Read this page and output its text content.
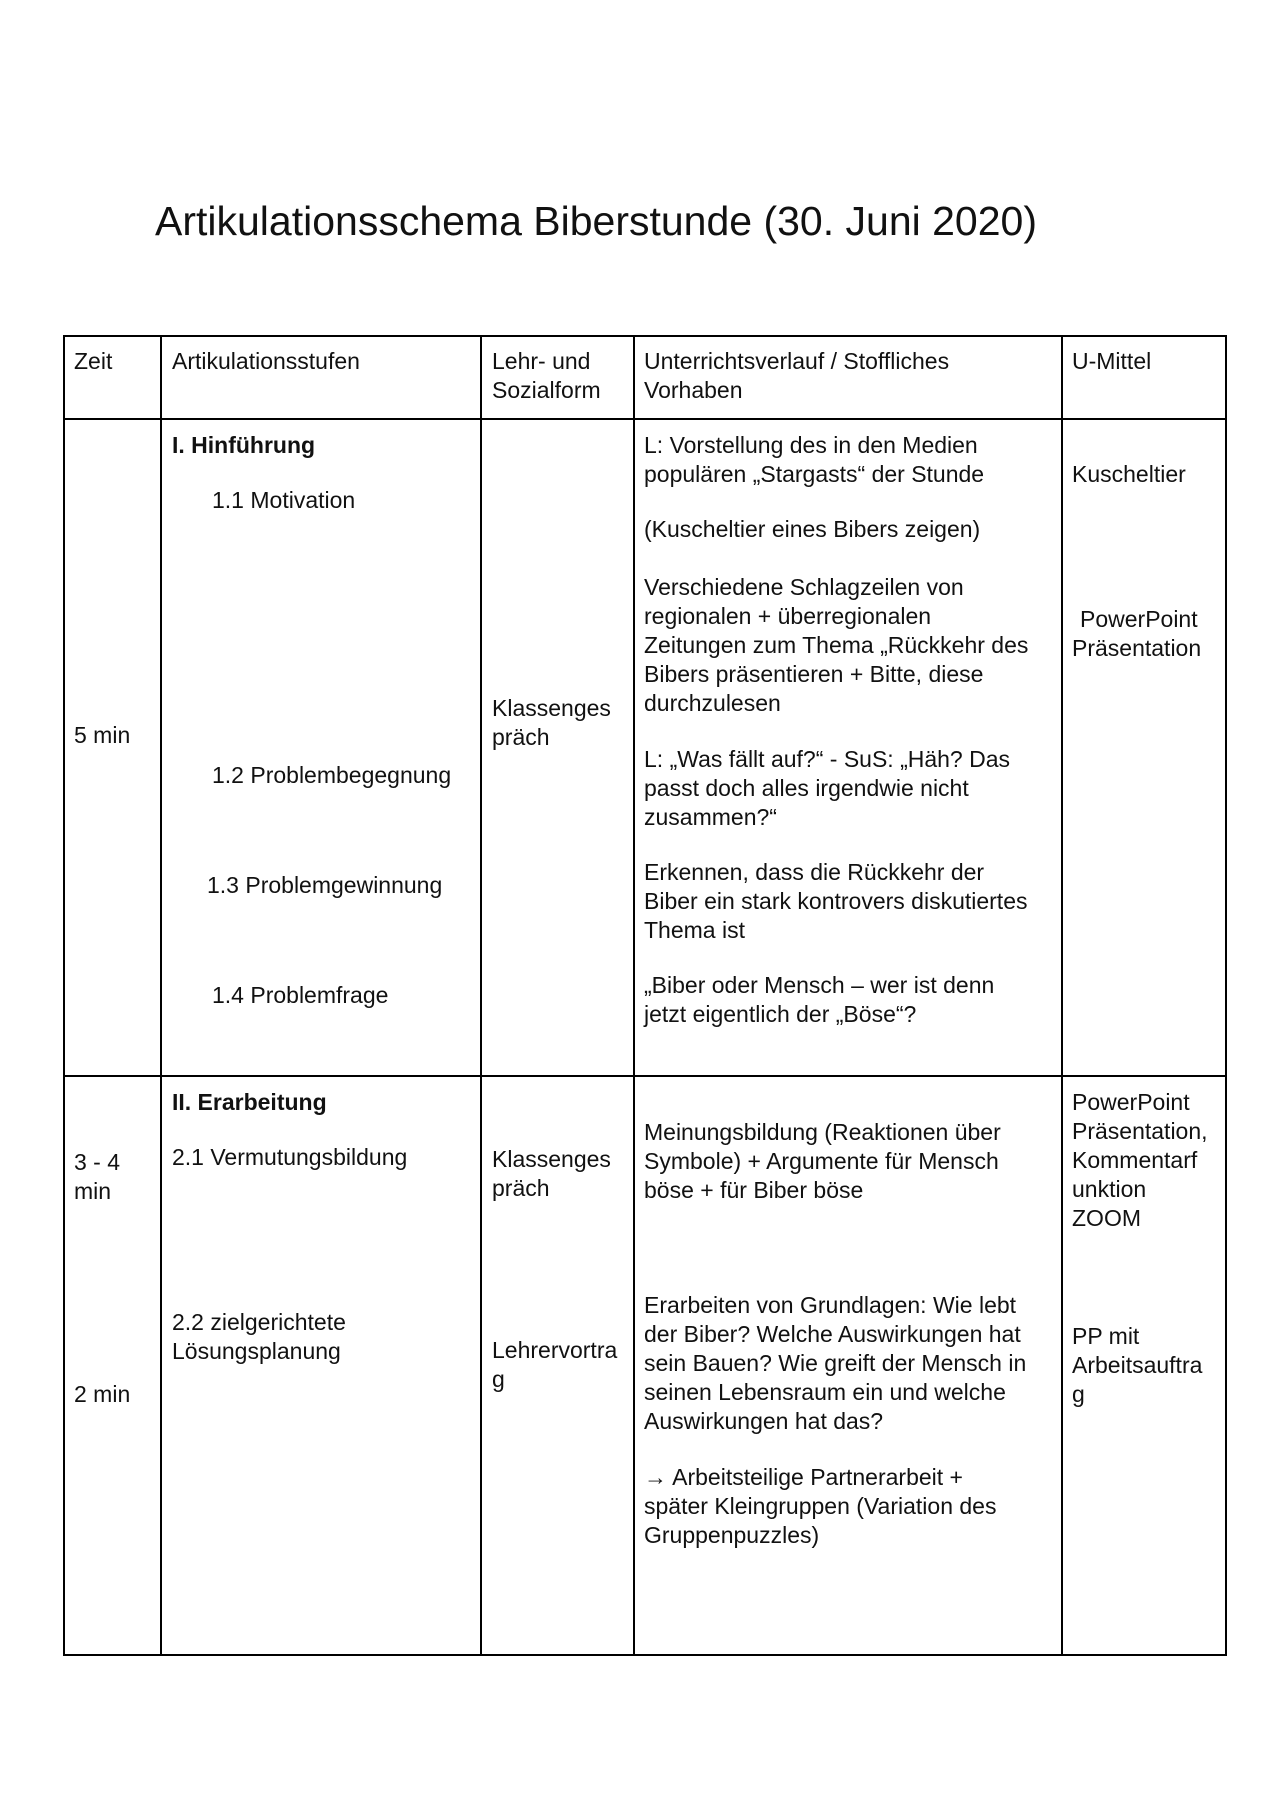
Artikulationsschema Biberstunde (30. Juni 2020)
Zeit	Artikulationsstufen	Lehr- und
Sozialform
Unterrichtsverlauf / Stoffliches
Vorhaben
U-Mittel
5 min
I. Hinführung
1.1 Motivation
1.2 Problembegegnung
1.3 Problemgewinnung
1.4 Problemfrage
Klassenges
präch
L: Vorstellung des in den Medien
populären „Stargasts“ der Stunde
(Kuscheltier eines Bibers zeigen)
Verschiedene Schlagzeilen von
regionalen + überregionalen
Zeitungen zum Thema „Rückkehr des
Bibers präsentieren + Bitte, diese
durchzulesen
L: „Was fällt auf?“ - SuS: „Häh? Das
passt doch alles irgendwie nicht
zusammen?“
Erkennen, dass die Rückkehr der
Biber ein stark kontrovers diskutiertes
Thema ist
„Biber oder Mensch – wer ist denn
jetzt eigentlich der „Böse“?
Kuscheltier
PowerPoint
Präsentation
3 - 4
min
2 min
II. Erarbeitung
2.1 Vermutungsbildung
2.2 zielgerichtete
Lösungsplanung
Klassenges
präch
Lehrervortra
g
Meinungsbildung (Reaktionen über
Symbole) + Argumente für Mensch
böse + für Biber böse
Erarbeiten von Grundlagen: Wie lebt
der Biber? Welche Auswirkungen hat
sein Bauen? Wie greift der Mensch in
seinen Lebensraum ein und welche
Auswirkungen hat das?
→ Arbeitsteilige Partnerarbeit +
später Kleingruppen (Variation des
Gruppenpuzzles)
PowerPoint
Präsentation,
Kommentarf
unktion
ZOOM
PP mit
Arbeitsauftra
g
